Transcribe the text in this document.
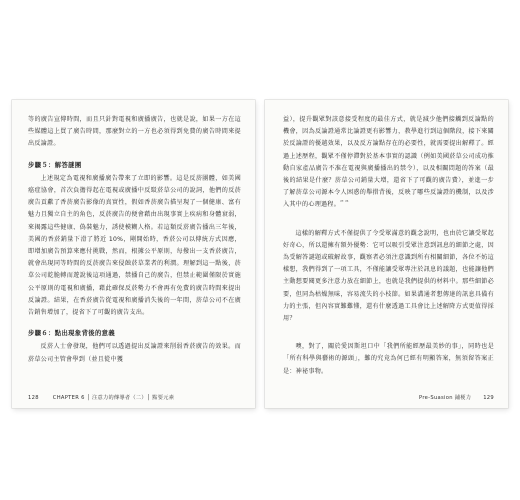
等的廣告宣傳時間，而且只針對電視和廣播廣告，也就是說，如果一方在這些媒體這上買了廣告時間，那麼對立的一方也必須得到免費的廣告時間來提出反論證。

步驟５：解答謎團

上述規定為電視和廣播廣告帶來了立即的影響。這是反菸團體，如美國癌症協會，首次負擔得起在電視或廣播中反駁菸草公司的說詞，他們的反菸廣告貢獻了香菸廣告影像的真實性，假如香菸廣告描呈現了一個健康、富有魅力且獨立自主的角色，反菸廣告的便會藉由出現事實上疾病和身體衰弱，來揭露這些健康、偽裝魅力，誘使模糊人格。若這類反菸廣告播出三年後，美國的香菸銷量下滑了將近 10%，剛開始時，香菸公司以傳統方式因應，即增加廣告預算來應付挑戰，然而，根據公平原則，每撥出一支香菸廣告，就會出現同等時間的反菸廣告來侵蝕菸草業者的利潤。理解到這一點後，菸草公司乾脆轉而遊說後這項通過，禁播自己的廣告，但禁止範圍僅限於實施公平原則的電視和廣播，藉此確保反菸勢力不會再有免費的廣告時間來提出反論證。結果，在香菸廣告從電視和廣播消失後的一年間，菸草公司不在廣告銷售增加了，提省下了可觀的廣告支出。

步驟６：點出現象背後的意義

反菸人士會發現，他們可以透過提出反論證來削弱香菸廣告的效果。而菸草公司主管會學到（並且從中獲

128	CHAPTER 6 │ 注意力的傳導者（二）│ 點要元素

益），提升觀眾對該意接受程度的最佳方式，就是減少他們接觸到反論點的機會，因為反論證通常比論證更有影響力，教學進行到這個階段，接下來關於反論證的優越效果，以及反方論點存在的必要性，就需要提出解釋了。經過上述歷程，觀眾不僅停滯對於基本事實的認識（例如美國菸草公司成功推動自家產品廣告不准在電視與廣播播出的禁令），以及相關問題的答案（最後的結果是什麼？菸草公司銷量大增，還省下了可觀的廣告費），並進一步了解菸草公司源本令人困惑的舉措背後，反映了哪些反論證的機制，以及涉入其中的心理過程。$^{^{43} ^{44}}$

這樣的解釋方式不僅提供了令受眾滿意的觀念說明，也由於它讓受眾起好奇心，所以還擁有額外優勢：它可以吸引受眾注意到訊息的細節之處，因為受解答謎題或破解故事，觀察者必須注意識到所有相關細節，各位不妨這樣想，我們得到了一項工具，不僅能讓受眾專注於訊息的議題，也能讓他們主動想要閱更多注意力放在細節上，也就是我們提供的材料中。那些細節必要，但同為枯燥無味，容易流失的小枝節。如果溝通者想傳達的訊息具備有力的主張，但內容實難難懂，還有什麼透過工具會比上述解降方式更值得採用？

噢，對了，關於愛因斯坦口中「我們所能經歷最美妙的事」，同時也是「所有科學與藝術的源頭」，難的究竟為何已經有明顯答案，無須留答案正是：神祕事物。

Pre-Suasion 鋪梗力 129
